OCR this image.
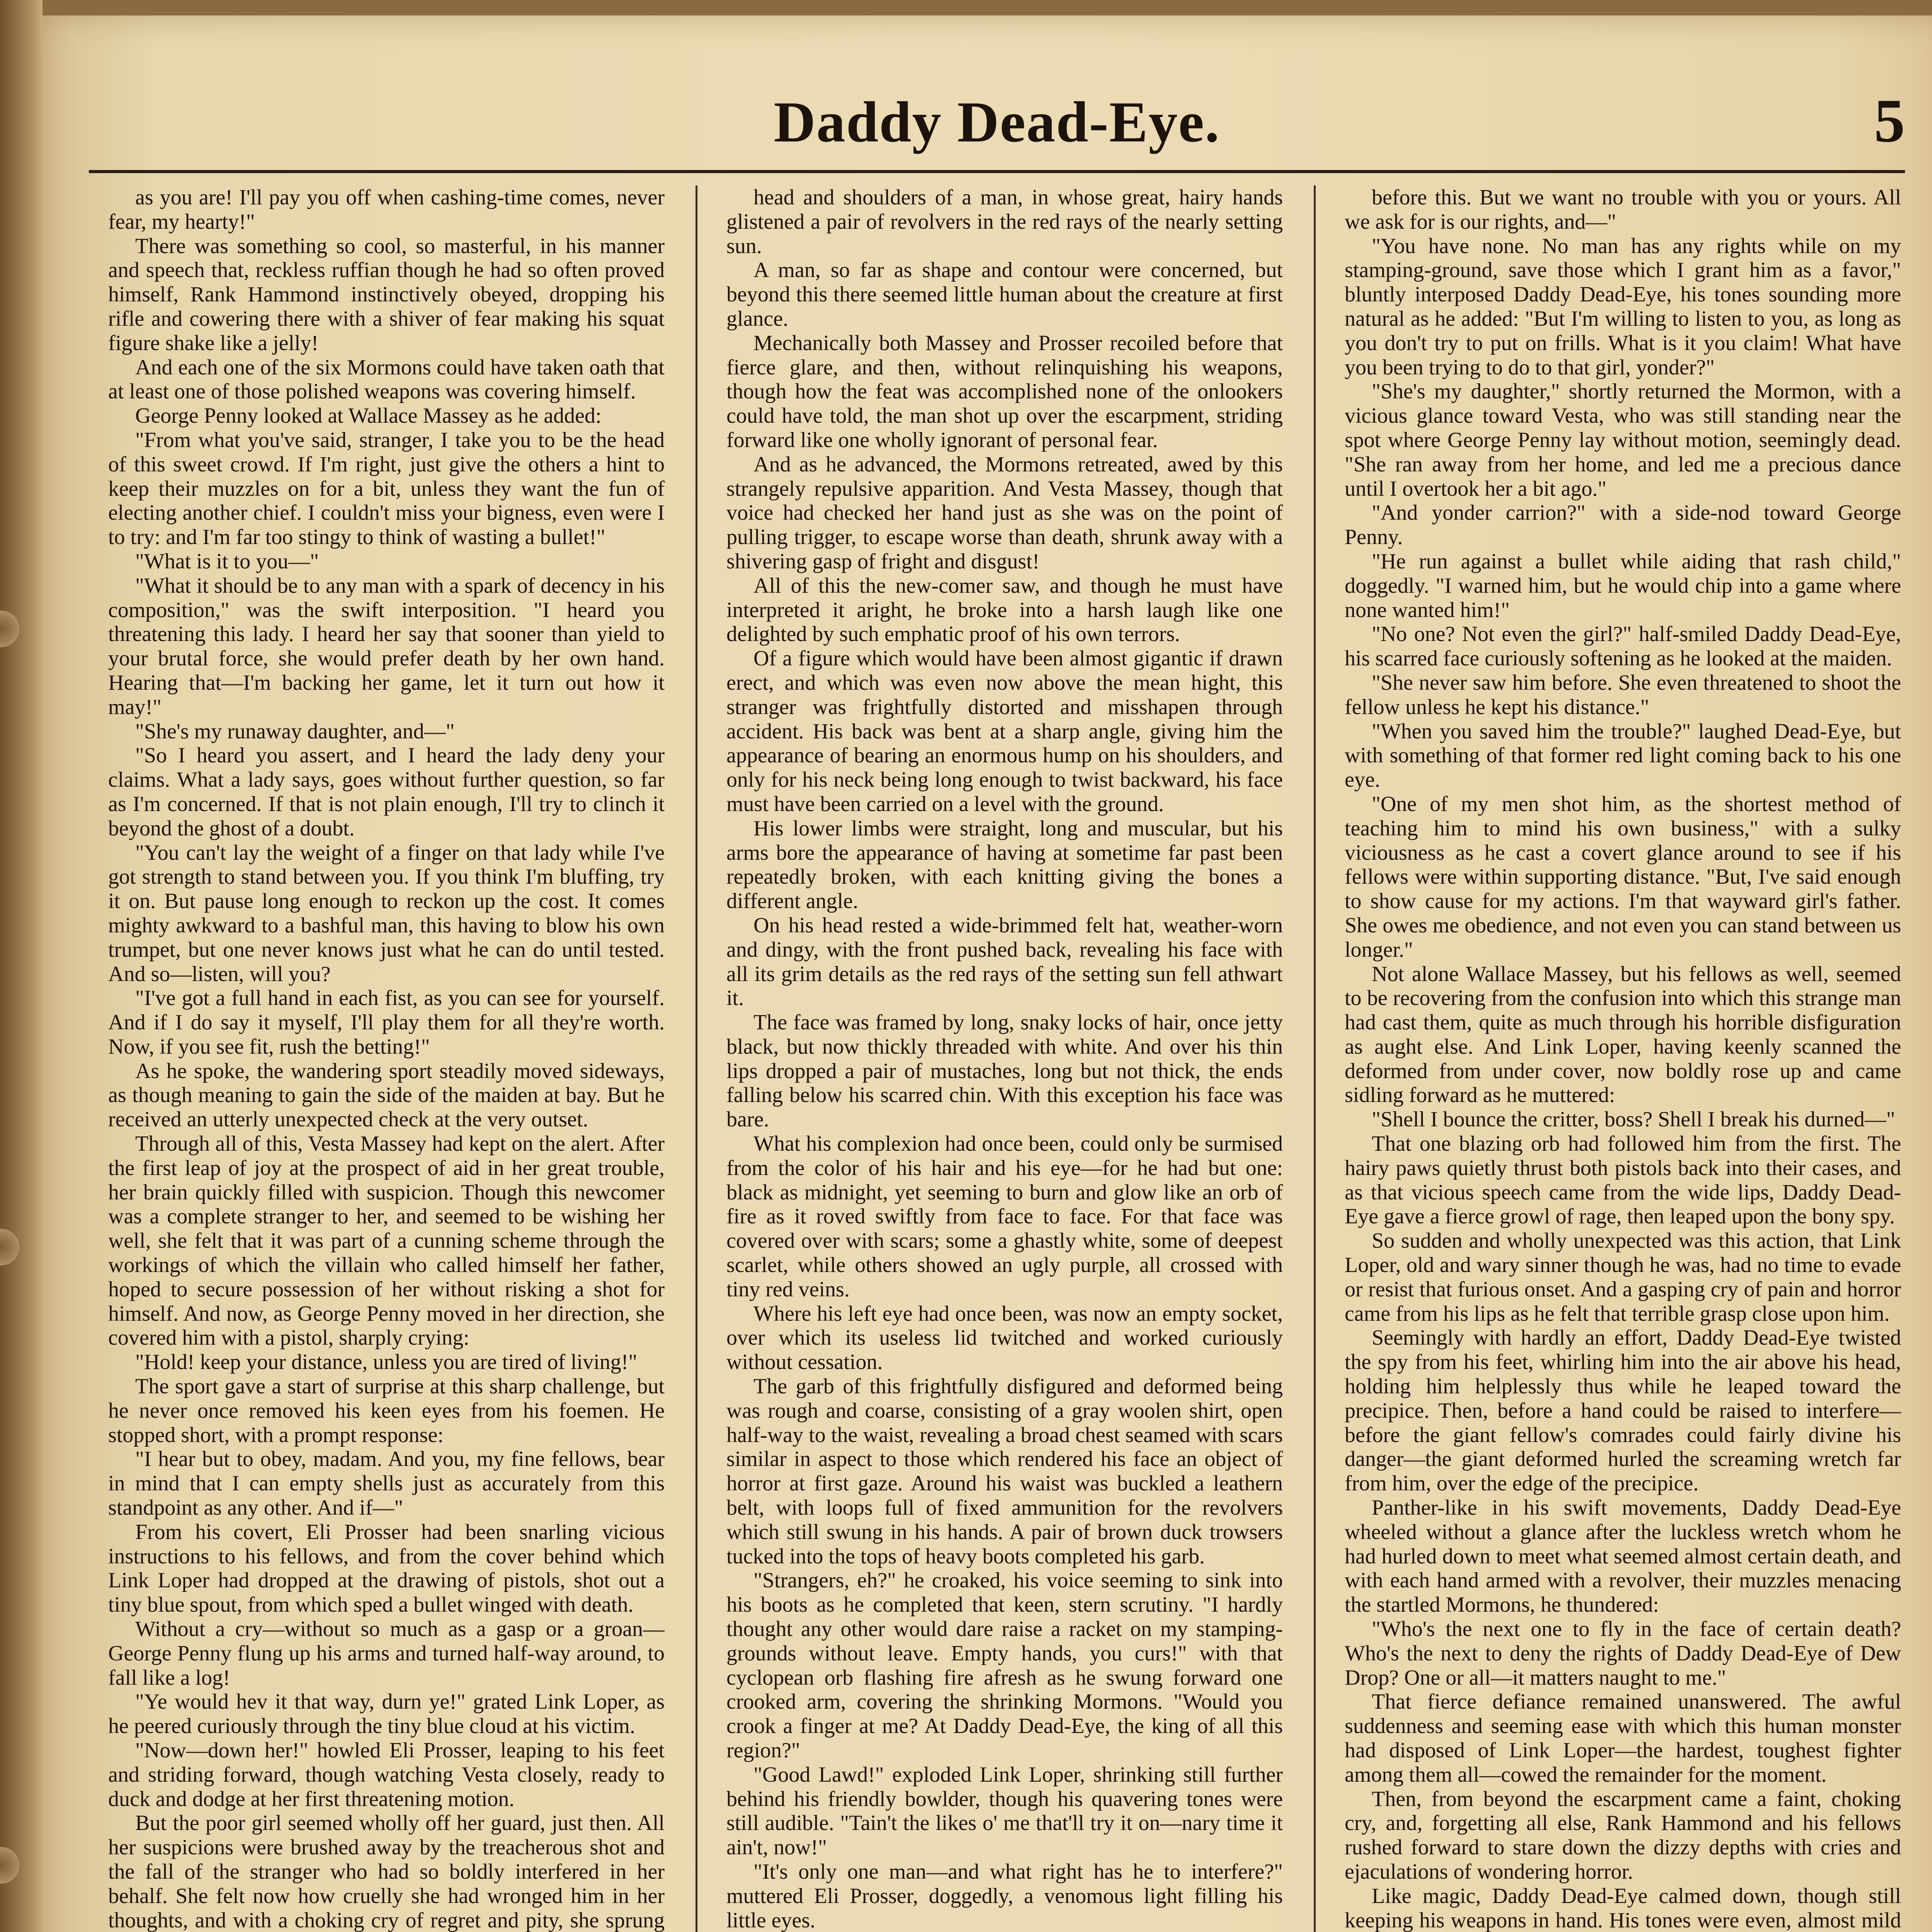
Daddy Dead-Eye.	5

as you are! I'll pay you off when cashing-time comes, never fear, my hearty!"

There was something so cool, so masterful, in his manner and speech that, reckless ruffian though he had so often proved himself, Rank Hammond instinctively obeyed, dropping his rifle and cowering there with a shiver of fear making his squat figure shake like a jelly!

And each one of the six Mormons could have taken oath that at least one of those polished weapons was covering himself.

George Penny looked at Wallace Massey as he added:

"From what you've said, stranger, I take you to be the head of this sweet crowd. If I'm right, just give the others a hint to keep their muzzles on for a bit, unless they want the fun of electing another chief. I couldn't miss your bigness, even were I to try: and I'm far too stingy to think of wasting a bullet!"

"What is it to you—"

"What it should be to any man with a spark of decency in his composition," was the swift interposition. "I heard you threatening this lady. I heard her say that sooner than yield to your brutal force, she would prefer death by her own hand. Hearing that—I'm backing her game, let it turn out how it may!"

"She's my runaway daughter, and—"

"So I heard you assert, and I heard the lady deny your claims. What a lady says, goes without further question, so far as I'm concerned. If that is not plain enough, I'll try to clinch it beyond the ghost of a doubt.

"You can't lay the weight of a finger on that lady while I've got strength to stand between you. If you think I'm bluffing, try it on. But pause long enough to reckon up the cost. It comes mighty awkward to a bashful man, this having to blow his own trumpet, but one never knows just what he can do until tested. And so—listen, will you?

"I've got a full hand in each fist, as you can see for yourself. And if I do say it myself, I'll play them for all they're worth. Now, if you see fit, rush the betting!"

As he spoke, the wandering sport steadily moved sideways, as though meaning to gain the side of the maiden at bay. But he received an utterly unexpected check at the very outset.

Through all of this, Vesta Massey had kept on the alert. After the first leap of joy at the prospect of aid in her great trouble, her brain quickly filled with suspicion. Though this newcomer was a complete stranger to her, and seemed to be wishing her well, she felt that it was part of a cunning scheme through the workings of which the villain who called himself her father, hoped to secure possession of her without risking a shot for himself. And now, as George Penny moved in her direction, she covered him with a pistol, sharply crying:

"Hold! keep your distance, unless you are tired of living!"

The sport gave a start of surprise at this sharp challenge, but he never once removed his keen eyes from his foemen. He stopped short, with a prompt response:

"I hear but to obey, madam. And you, my fine fellows, bear in mind that I can empty shells just as accurately from this standpoint as any other. And if—"

From his covert, Eli Prosser had been snarling vicious instructions to his fellows, and from the cover behind which Link Loper had dropped at the drawing of pistols, shot out a tiny blue spout, from which sped a bullet winged with death.

Without a cry—without so much as a gasp or a groan—George Penny flung up his arms and turned half-way around, to fall like a log!

"Ye would hev it that way, durn ye!" grated Link Loper, as he peered curiously through the tiny blue cloud at his victim.

"Now—down her!" howled Eli Prosser, leaping to his feet and striding forward, though watching Vesta closely, ready to duck and dodge at her first threatening motion.

But the poor girl seemed wholly off her guard, just then. All her suspicions were brushed away by the treacherous shot and the fall of the stranger who had so boldly interfered in her behalf. She felt now how cruelly she had wronged him in her thoughts, and with a choking cry of regret and pity, she sprung

head and shoulders of a man, in whose great, hairy hands glistened a pair of revolvers in the red rays of the nearly setting sun.

A man, so far as shape and contour were concerned, but beyond this there seemed little human about the creature at first glance.

Mechanically both Massey and Prosser recoiled before that fierce glare, and then, without relinquishing his weapons, though how the feat was accomplished none of the onlookers could have told, the man shot up over the escarpment, striding forward like one wholly ignorant of personal fear.

And as he advanced, the Mormons retreated, awed by this strangely repulsive apparition. And Vesta Massey, though that voice had checked her hand just as she was on the point of pulling trigger, to escape worse than death, shrunk away with a shivering gasp of fright and disgust!

All of this the new-comer saw, and though he must have interpreted it aright, he broke into a harsh laugh like one delighted by such emphatic proof of his own terrors.

Of a figure which would have been almost gigantic if drawn erect, and which was even now above the mean hight, this stranger was frightfully distorted and misshapen through accident. His back was bent at a sharp angle, giving him the appearance of bearing an enormous hump on his shoulders, and only for his neck being long enough to twist backward, his face must have been carried on a level with the ground.

His lower limbs were straight, long and muscular, but his arms bore the appearance of having at sometime far past been repeatedly broken, with each knitting giving the bones a different angle.

On his head rested a wide-brimmed felt hat, weather-worn and dingy, with the front pushed back, revealing his face with all its grim details as the red rays of the setting sun fell athwart it.

The face was framed by long, snaky locks of hair, once jetty black, but now thickly threaded with white. And over his thin lips dropped a pair of mustaches, long but not thick, the ends falling below his scarred chin. With this exception his face was bare.

What his complexion had once been, could only be surmised from the color of his hair and his eye—for he had but one: black as midnight, yet seeming to burn and glow like an orb of fire as it roved swiftly from face to face. For that face was covered over with scars; some a ghastly white, some of deepest scarlet, while others showed an ugly purple, all crossed with tiny red veins.

Where his left eye had once been, was now an empty socket, over which its useless lid twitched and worked curiously without cessation.

The garb of this frightfully disfigured and deformed being was rough and coarse, consisting of a gray woolen shirt, open half-way to the waist, revealing a broad chest seamed with scars similar in aspect to those which rendered his face an object of horror at first gaze. Around his waist was buckled a leathern belt, with loops full of fixed ammunition for the revolvers which still swung in his hands. A pair of brown duck trowsers tucked into the tops of heavy boots completed his garb.

"Strangers, eh?" he croaked, his voice seeming to sink into his boots as he completed that keen, stern scrutiny. "I hardly thought any other would dare raise a racket on my stamping-grounds without leave. Empty hands, you curs!" with that cyclopean orb flashing fire afresh as he swung forward one crooked arm, covering the shrinking Mormons. "Would you crook a finger at me? At Daddy Dead-Eye, the king of all this region?"

"Good Lawd!" exploded Link Loper, shrinking still further behind his friendly bowlder, though his quavering tones were still audible. "Tain't the likes o' me that'll try it on—nary time it ain't, now!"

"It's only one man—and what right has he to interfere?" muttered Eli Prosser, doggedly, a venomous light filling his little eyes.

before this. But we want no trouble with you or yours. All we ask for is our rights, and—"

"You have none. No man has any rights while on my stamping-ground, save those which I grant him as a favor," bluntly interposed Daddy Dead-Eye, his tones sounding more natural as he added: "But I'm willing to listen to you, as long as you don't try to put on frills. What is it you claim! What have you been trying to do to that girl, yonder?"

"She's my daughter," shortly returned the Mormon, with a vicious glance toward Vesta, who was still standing near the spot where George Penny lay without motion, seemingly dead. "She ran away from her home, and led me a precious dance until I overtook her a bit ago."

"And yonder carrion?" with a side-nod toward George Penny.

"He run against a bullet while aiding that rash child," doggedly. "I warned him, but he would chip into a game where none wanted him!"

"No one? Not even the girl?" half-smiled Daddy Dead-Eye, his scarred face curiously softening as he looked at the maiden.

"She never saw him before. She even threatened to shoot the fellow unless he kept his distance."

"When you saved him the trouble?" laughed Dead-Eye, but with something of that former red light coming back to his one eye.

"One of my men shot him, as the shortest method of teaching him to mind his own business," with a sulky viciousness as he cast a covert glance around to see if his fellows were within supporting distance. "But, I've said enough to show cause for my actions. I'm that wayward girl's father. She owes me obedience, and not even you can stand between us longer."

Not alone Wallace Massey, but his fellows as well, seemed to be recovering from the confusion into which this strange man had cast them, quite as much through his horrible disfiguration as aught else. And Link Loper, having keenly scanned the deformed from under cover, now boldly rose up and came sidling forward as he muttered:

"Shell I bounce the critter, boss? Shell I break his durned—"

That one blazing orb had followed him from the first. The hairy paws quietly thrust both pistols back into their cases, and as that vicious speech came from the wide lips, Daddy Dead-Eye gave a fierce growl of rage, then leaped upon the bony spy.

So sudden and wholly unexpected was this action, that Link Loper, old and wary sinner though he was, had no time to evade or resist that furious onset. And a gasping cry of pain and horror came from his lips as he felt that terrible grasp close upon him.

Seemingly with hardly an effort, Daddy Dead-Eye twisted the spy from his feet, whirling him into the air above his head, holding him helplessly thus while he leaped toward the precipice. Then, before a hand could be raised to interfere—before the giant fellow's comrades could fairly divine his danger—the giant deformed hurled the screaming wretch far from him, over the edge of the precipice.

Panther-like in his swift movements, Daddy Dead-Eye wheeled without a glance after the luckless wretch whom he had hurled down to meet what seemed almost certain death, and with each hand armed with a revolver, their muzzles menacing the startled Mormons, he thundered:

"Who's the next one to fly in the face of certain death? Who's the next to deny the rights of Daddy Dead-Eye of Dew Drop? One or all—it matters naught to me."

That fierce defiance remained unanswered. The awful suddenness and seeming ease with which this human monster had disposed of Link Loper—the hardest, toughest fighter among them all—cowed the remainder for the moment.

Then, from beyond the escarpment came a faint, choking cry, and, forgetting all else, Rank Hammond and his fellows rushed forward to stare down the dizzy depths with cries and ejaculations of wondering horror.

Like magic, Daddy Dead-Eye calmed down, though still keeping his weapons in hand. His tones were even, almost mild
